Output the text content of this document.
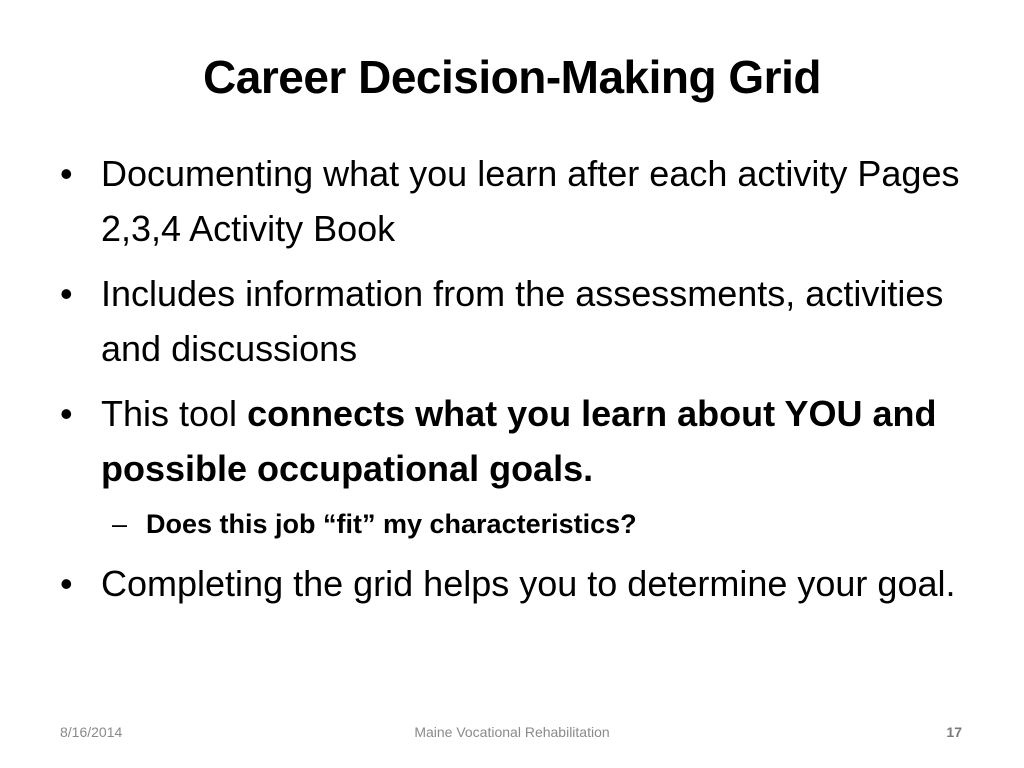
Career Decision-Making Grid
• Documenting what you learn after each activity Pages 2,3,4 Activity Book
• Includes information from the assessments, activities and discussions
• This tool connects what you learn about YOU and possible occupational goals.
– Does this job “fit” my characteristics?
• Completing the grid helps you to determine your goal.
8/16/2014	Maine Vocational Rehabilitation	17
